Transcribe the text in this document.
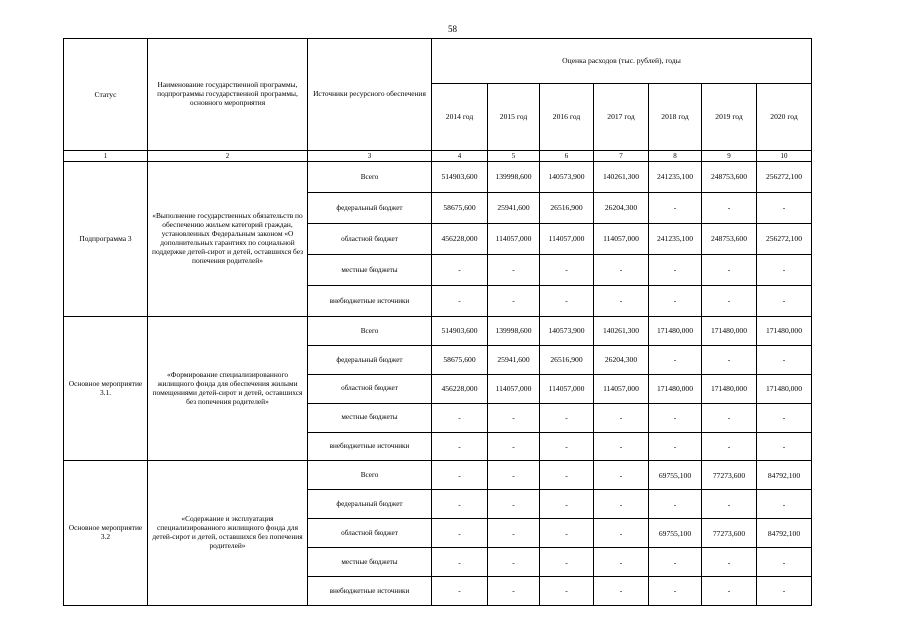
58
Статус	Наименование государственной программы, подпрограммы государственной программы, основного мероприятия	Источники ресурсного обеспечения	Оценка расходов (тыс. рублей), годы						
			2014 год	2015 год	2016 год	2017 год	2018 год	2019 год	2020 год
1	2	3	4	5	6	7	8	9	10
Подпрограмма 3	«Выполнение государственных обязательств по обеспечению жильем категорий граждан, установленных Федеральным законом «О дополнительных гарантиях по социальной поддержке детей-сирот и детей, оставшихся без попечения родителей»	Всего	514903,600	139998,600	140573,900	140261,300	241235,100	248753,600	256272,100
		федеральный бюджет	58675,600	25941,600	26516,900	26204,300	-	-	-
		областной бюджет	456228,000	114057,000	114057,000	114057,000	241235,100	248753,600	256272,100
		местные бюджеты	-	-	-	-	-	-	-
		внебюджетные источники	-	-	-	-	-	-	-
Основное мероприятие 3.1.	«Формирование специализированного жилищного фонда для обеспечения жилыми помещениями детей-сирот и детей, оставшихся без попечения родителей»	Всего	514903,600	139998,600	140573,900	140261,300	171480,000	171480,000	171480,000
		федеральный бюджет	58675,600	25941,600	26516,900	26204,300	-	-	-
		областной бюджет	456228,000	114057,000	114057,000	114057,000	171480,000	171480,000	171480,000
		местные бюджеты	-	-	-	-	-	-	-
		внебюджетные источники	-	-	-	-	-	-	-
Основное мероприятие 3.2	«Содержание и эксплуатация специализированного жилищного фонда для детей-сирот и детей, оставшихся без попечения родителей»	Всего	-	-	-	-	69755,100	77273,600	84792,100
		федеральный бюджет	-	-	-	-	-	-	-
		областной бюджет	-	-	-	-	69755,100	77273,600	84792,100
		местные бюджеты	-	-	-	-	-	-	-
		внебюджетные источники	-	-	-	-	-	-	-
